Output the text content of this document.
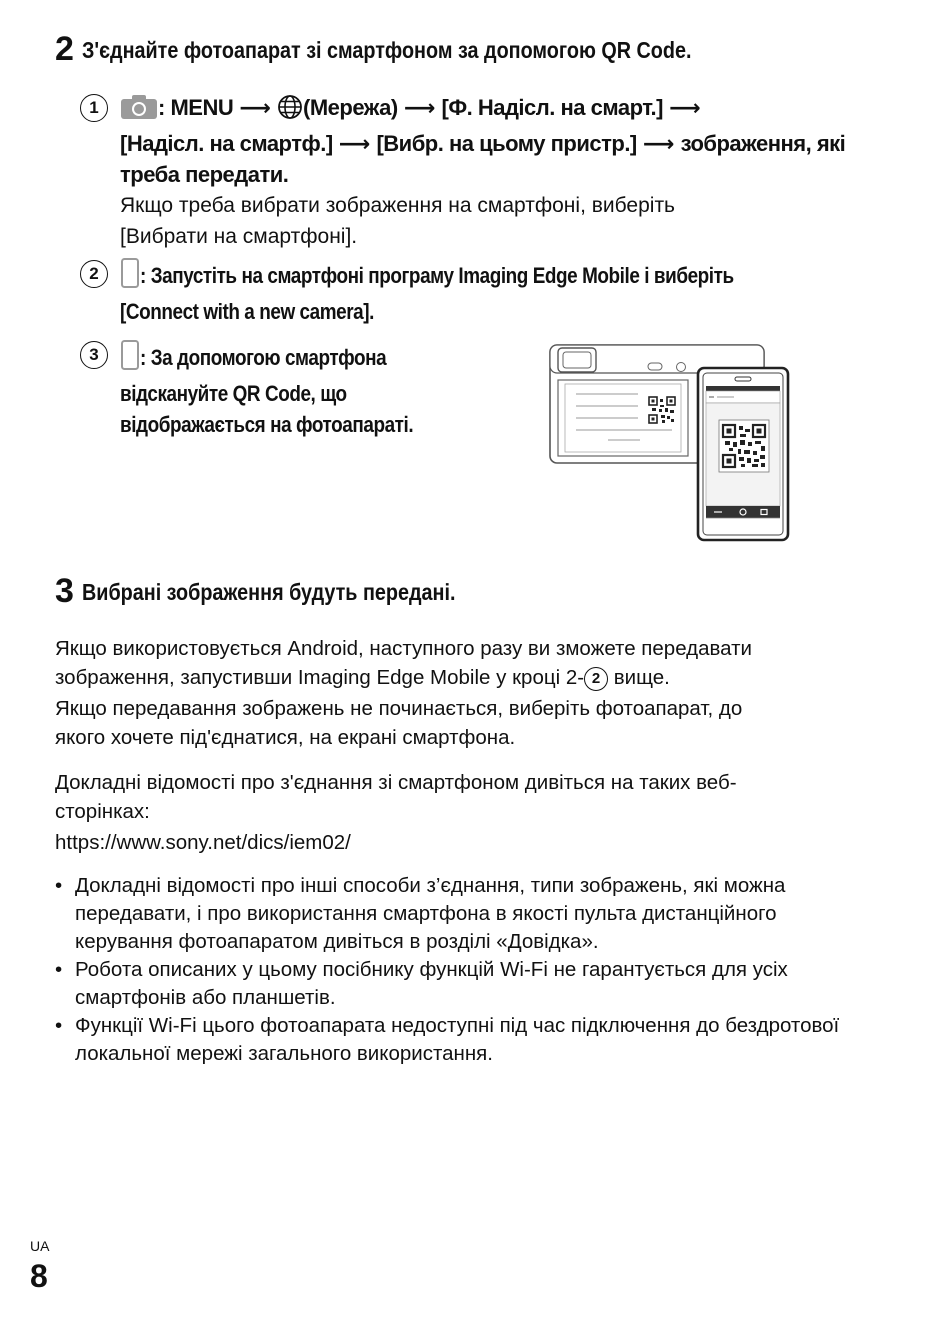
2 З'єднайте фотоапарат зі смартфоном за допомогою QR Code.
1	: MENU ⟶ (Мережа) ⟶ [Ф. Надісл. на смарт.] ⟶
[Надісл. на смартф.] ⟶ [Вибр. на цьому пристр.] ⟶ зображення, які
треба передати.
Якщо треба вибрати зображення на смартфоні, виберіть
[Вибрати на смартфоні].
2	: Запустіть на смартфоні програму Imaging Edge Mobile і виберіть
[Connect with a new camera].
3	: За допомогою смартфона
відскануйте QR Code, що
відображається на фотоапараті.
3 Вибрані зображення будуть передані.
Якщо використовується Android, наступного разу ви зможете передавати
зображення, запустивши Imaging Edge Mobile у кроці 2- 2 вище.
Якщо передавання зображень не починається, виберіть фотоапарат, до
якого хочете під'єднатися, на екрані смартфона.
Докладні відомості про з'єднання зі смартфоном дивіться на таких веб-
сторінках:
https://www.sony.net/dics/iem02/
• Докладні відомості про інші способи з’єднання, типи зображень, які можна передавати, і про використання смартфона в якості пульта дистанційного керування фотоапаратом дивіться в розділі «Довідка».
• Робота описаних у цьому посібнику функцій Wi-Fi не гарантується для усіх смартфонів або планшетів.
• Функції Wi-Fi цього фотоапарата недоступні під час підключення до бездротової локальної мережі загального використання.
UA
8
